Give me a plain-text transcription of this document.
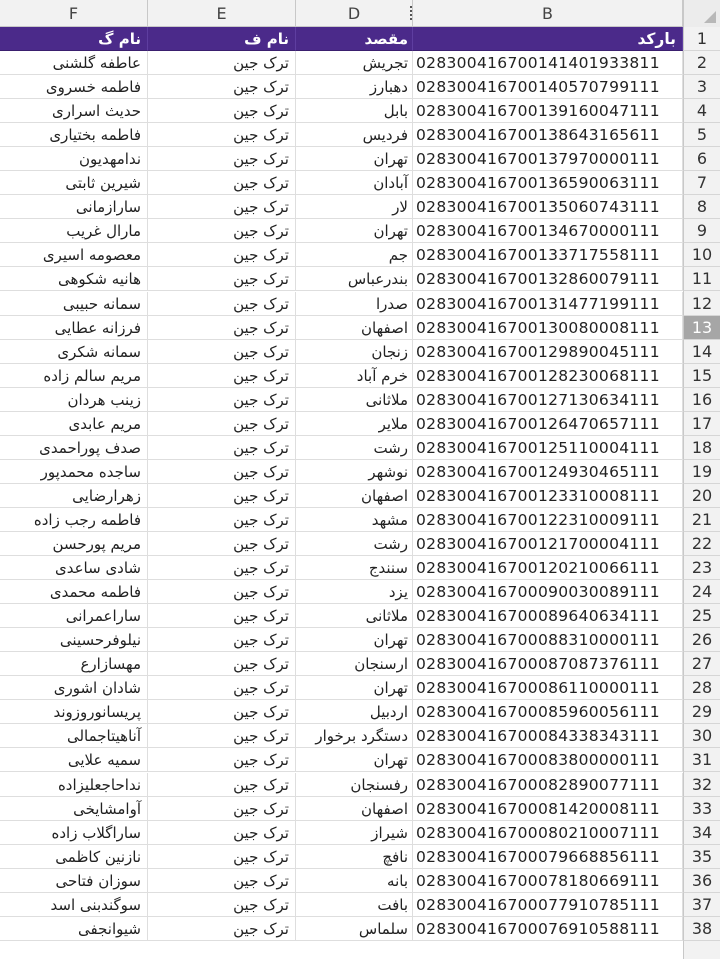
F	E	D	B
نام گ	نام ف	مقصد	بارکد	1
عاطفه گلشنی	ترک جین	تجریش 028300416700141401933811	2
فاطمه خسروی	ترک جین	دهبارز 028300416700140570799111	3
حدیث اسراری	ترک جین	بابل 028300416700139160047111	4
فاطمه بختیاری	ترک جین	فردیس 028300416700138643165611	5
ندامهدیون	ترک جین	تهران 028300416700137970000111	6
شیرین ثابتی	ترک جین	آبادان 028300416700136590063111	7
سارازمانی	ترک جین	لار 028300416700135060743111	8
مارال غریب	ترک جین	تهران 028300416700134670000111	9
معصومه اسیری	ترک جین	جم 028300416700133717558111	10
هانیه شکوهی	ترک جین	بندرعباس 028300416700132860079111	11
سمانه حبیبی	ترک جین	صدرا 028300416700131477199111	12
فرزانه عطایی	ترک جین	اصفهان 028300416700130080008111	13
سمانه شکری	ترک جین	زنجان 028300416700129890045111	14
مریم سالم زاده	ترک جین	خرم آباد 028300416700128230068111	15
زینب هردان	ترک جین	ملاثانی 028300416700127130634111	16
مریم عابدی	ترک جین	ملایر 028300416700126470657111	17
صدف پوراحمدی	ترک جین	رشت 028300416700125110004111	18
ساجده محمدپور	ترک جین	نوشهر 028300416700124930465111	19
زهرارضایی	ترک جین	اصفهان 028300416700123310008111	20
فاطمه رجب زاده	ترک جین	مشهد 028300416700122310009111	21
مریم پورحسن	ترک جین	رشت 028300416700121700004111	22
شادی ساعدی	ترک جین	سنندج 028300416700120210066111	23
فاطمه محمدی	ترک جین	یزد 028300416700090030089111	24
ساراعمرانی	ترک جین	ملاثانی 028300416700089640634111	25
نیلوفرحسینی	ترک جین	تهران 028300416700088310000111	26
مهسازارع	ترک جین	ارسنجان 028300416700087087376111	27
شادان اشوری	ترک جین	تهران 028300416700086110000111	28
پریسانوروزوند	ترک جین	اردبیل 028300416700085960056111	29
آناهیتاجمالی	ترک جین	دستگرد برخوار 028300416700084338343111	30
سمیه علایی	ترک جین	تهران 028300416700083800000111	31
نداحاجعلیزاده	ترک جین	رفسنجان 028300416700082890077111	32
آوامشایخی	ترک جین	اصفهان 028300416700081420008111	33
ساراگلاب زاده	ترک جین	شیراز 028300416700080210007111	34
نازنین کاظمی	ترک جین	نافچ 028300416700079668856111	35
سوزان فتاحی	ترک جین	بانه 028300416700078180669111	36
سوگندبنی اسد	ترک جین	بافت 028300416700077910785111	37
شیوانجفی	ترک جین	سلماس 028300416700076910588111	38
